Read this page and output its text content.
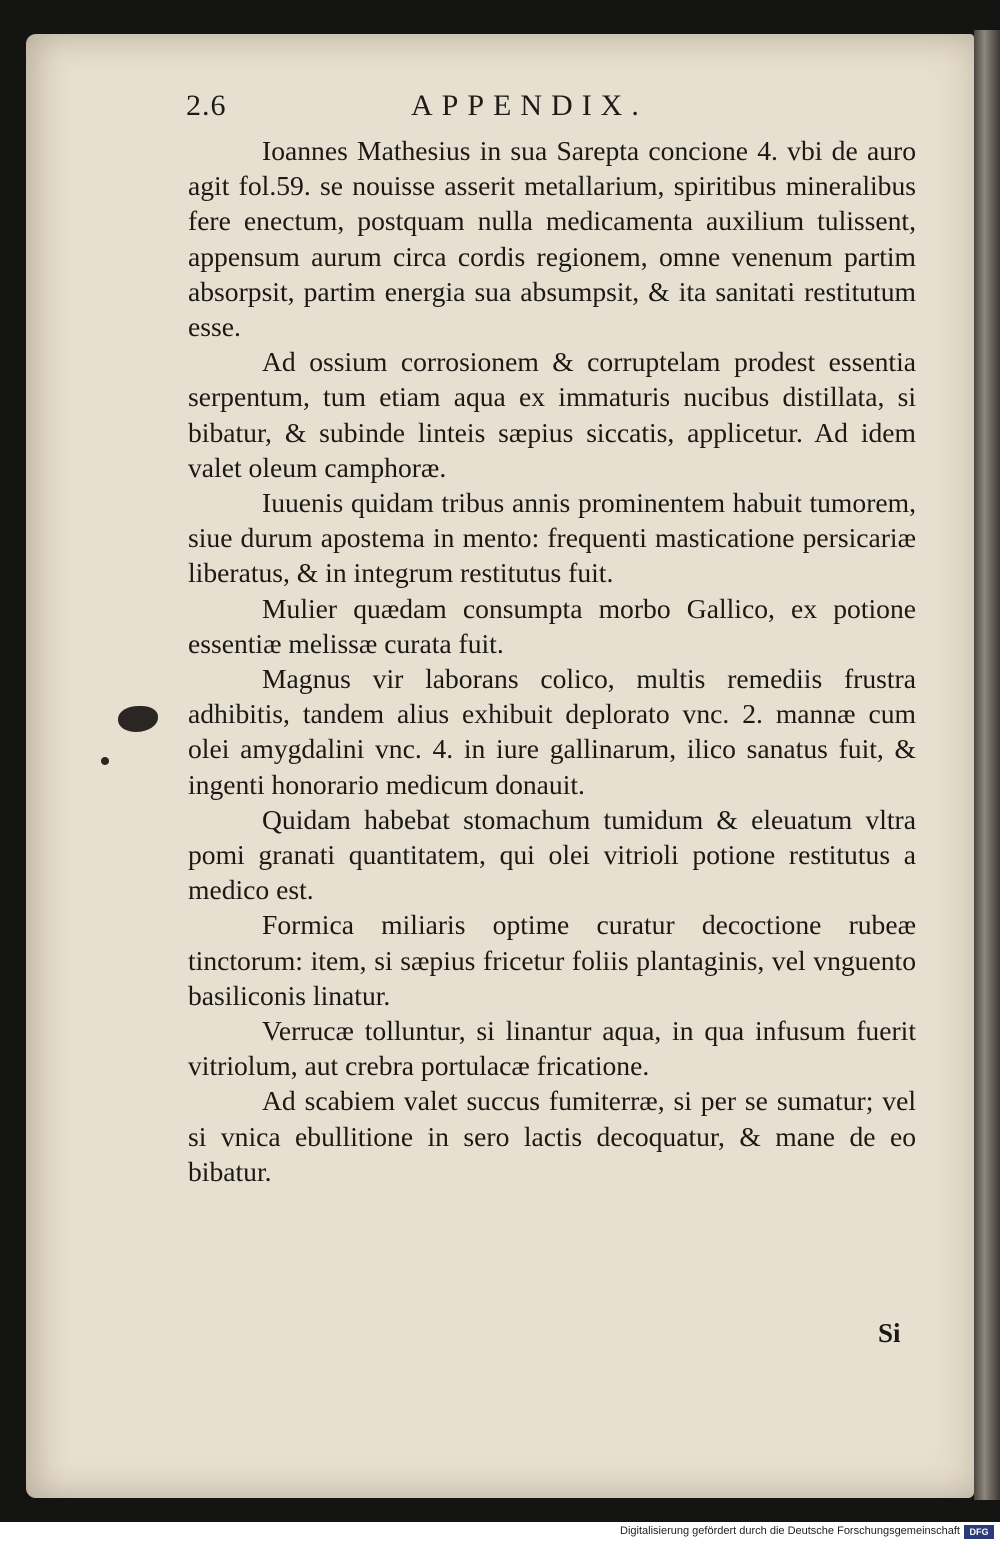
2.6	APPENDIX.

Ioannes Mathesius in sua Sarepta concione 4. vbi de auro agit fol.59. se nouisse asserit metallarium, spiritibus mineralibus fere enectum, postquam nulla medicamenta auxilium tulissent, appensum aurum circa cordis regionem, omne venenum partim absorpsit, partim energia sua absumpsit, & ita sanitati restitutum esse.

Ad ossium corrosionem & corruptelam prodest essentia serpentum, tum etiam aqua ex immaturis nucibus distillata, si bibatur, & subinde linteis sæpius siccatis, applicetur. Ad idem valet oleum camphoræ.

Iuuenis quidam tribus annis prominentem habuit tumorem, siue durum apostema in mento: frequenti masticatione persicariæ liberatus, & in integrum restitutus fuit.

Mulier quædam consumpta morbo Gallico, ex potione essentiæ melissæ curata fuit.

Magnus vir laborans colico, multis remediis frustra adhibitis, tandem alius exhibuit deplorato vnc. 2. mannæ cum olei amygdalini vnc. 4. in iure gallinarum, ilico sanatus fuit, & ingenti honorario medicum donauit.

Quidam habebat stomachum tumidum & eleuatum vltra pomi granati quantitatem, qui olei vitrioli potione restitutus a medico est.

Formica miliaris optime curatur decoctione rubeæ tinctorum: item, si sæpius fricetur foliis plantaginis, vel vnguento basiliconis linatur.

Verrucæ tolluntur, si linantur aqua, in qua infusum fuerit vitriolum, aut crebra portulacæ fricatione.

Ad scabiem valet succus fumiterræ, si per se sumatur; vel si vnica ebullitione in sero lactis decoquatur, & mane de eo bibatur.

Si
Digitalisierung gefördert durch die Deutsche Forschungsgemeinschaft	DFG
